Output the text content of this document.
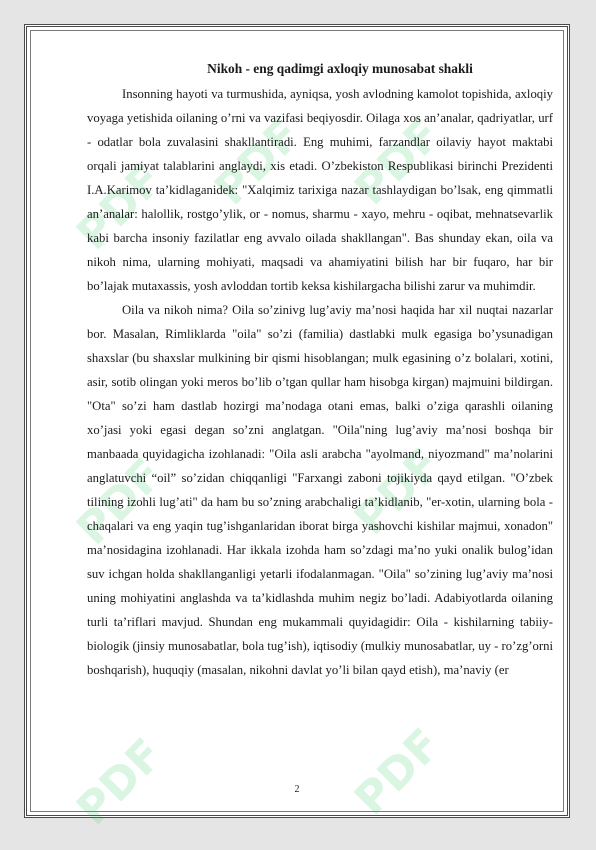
PDF PDF PDF
PDF	PDF
PDF	PDF
Nikoh - eng qadimgi axloqiy munosabat shakli

Insonning hayoti va turmushida, ayniqsa, yosh avlodning kamolot topishida, axloqiy voyaga yetishida oilaning o’rni va vazifasi beqiyosdir. Oilaga xos an’analar, qadriyatlar, urf - odatlar bola zuvalasini shakllantiradi. Eng muhimi, farzandlar oilaviy hayot maktabi orqali jamiyat talablarini anglaydi, xis etadi. O’zbekiston Respublikasi birinchi Prezidenti I.A.Karimov ta’kidlaganidek: "Xalqimiz tarixiga nazar tashlaydigan bo’lsak, eng qimmatli an’analar: halollik, rostgo’ylik, or - nomus, sharmu - xayo, mehru - oqibat, mehnatsevarlik kabi barcha insoniy fazilatlar eng avvalo oilada shakllangan". Bas shunday ekan, oila va nikoh nima, ularning mohiyati, maqsadi va ahamiyatini bilish har bir fuqaro, har bir bo’lajak mutaxassis, yosh avloddan tortib keksa kishilargacha bilishi zarur va muhimdir.

Oila va nikoh nima? Oila so’zinivg lug’aviy ma’nosi haqida har xil nuqtai nazarlar bor. Masalan, Rimliklarda "oila" so’zi (familia) dastlabki mulk egasiga bo’ysunadigan shaxslar (bu shaxslar mulkining bir qismi hisoblangan; mulk egasining o’z bolalari, xotini, asir, sotib olingan yoki meros bo’lib o’tgan qullar ham hisobga kirgan) majmuini bildirgan. "Ota" so’zi ham dastlab hozirgi ma’nodaga otani emas, balki o’ziga qarashli oilaning xo’jasi yoki egasi degan so’zni anglatgan. "Oila"ning lug’aviy ma’nosi boshqa bir manbaada quyidagicha izohlanadi: "Oila asli arabcha "ayolmand, niyozmand" ma’nolarini anglatuvchi “oil” so’zidan chiqqanligi "Farxangi zaboni tojikiyda qayd etilgan. "O’zbek tilining izohli lug’ati" da ham bu so’zning arabchaligi ta’kidlanib, "er-xotin, ularning bola - chaqalari va eng yaqin tug’ishganlaridan iborat birga yashovchi kishilar majmui, xonadon" ma’nosidagina izohlanadi. Har ikkala izohda ham so’zdagi ma’no yuki onalik bulog’idan suv ichgan holda shakllanganligi yetarli ifodalanmagan. "Oila" so’zining lug’aviy ma’nosi uning mohiyatini anglashda va ta’kidlashda muhim negiz bo’ladi. Adabiyotlarda oilaning turli ta’riflari mavjud. Shundan eng mukammali quyidagidir: Oila - kishilarning tabiiy-biologik (jinsiy munosabatlar, bola tug’ish), iqtisodiy (mulkiy munosabatlar, uy - ro’zg’orni boshqarish), huquqiy (masalan, nikohni davlat yo’li bilan qayd etish), ma’naviy (er

2
